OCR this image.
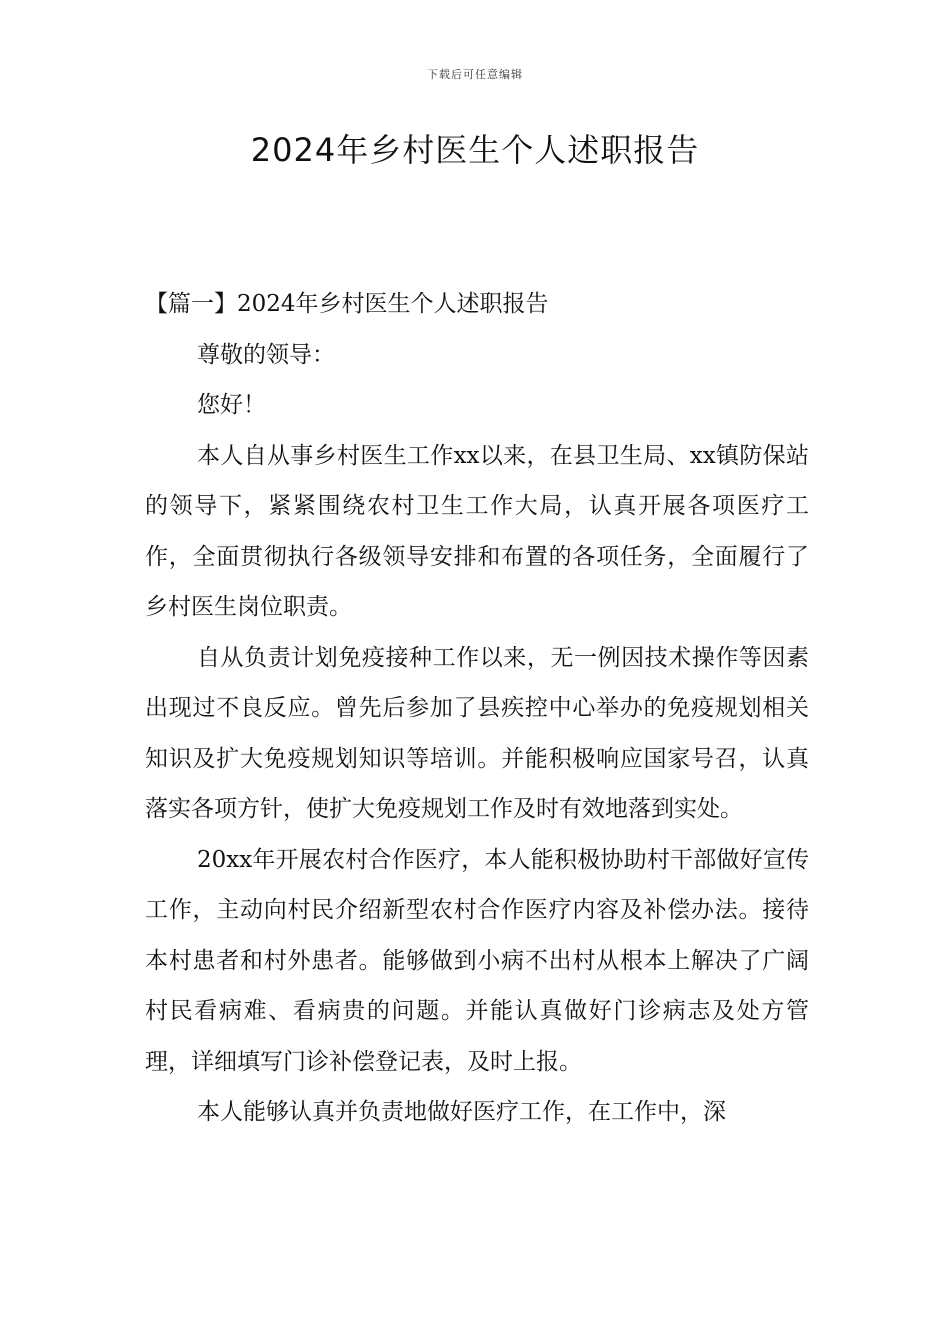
下载后可任意编辑
2024年乡村医生个人述职报告

【篇一】2024年乡村医生个人述职报告

尊敬的领导：

您好！

本人自从事乡村医生工作xx以来，在县卫生局、xx镇防保站的领导下，紧紧围绕农村卫生工作大局，认真开展各项医疗工作，全面贯彻执行各级领导安排和布置的各项任务，全面履行了乡村医生岗位职责。

自从负责计划免疫接种工作以来，无一例因技术操作等因素出现过不良反应。曾先后参加了县疾控中心举办的免疫规划相关知识及扩大免疫规划知识等培训。并能积极响应国家号召，认真落实各项方针，使扩大免疫规划工作及时有效地落到实处。

20xx年开展农村合作医疗，本人能积极协助村干部做好宣传工作，主动向村民介绍新型农村合作医疗内容及补偿办法。接待本村患者和村外患者。能够做到小病不出村从根本上解决了广阔村民看病难、看病贵的问题。并能认真做好门诊病志及处方管理，详细填写门诊补偿登记表，及时上报。

本人能够认真并负责地做好医疗工作，在工作中，深
